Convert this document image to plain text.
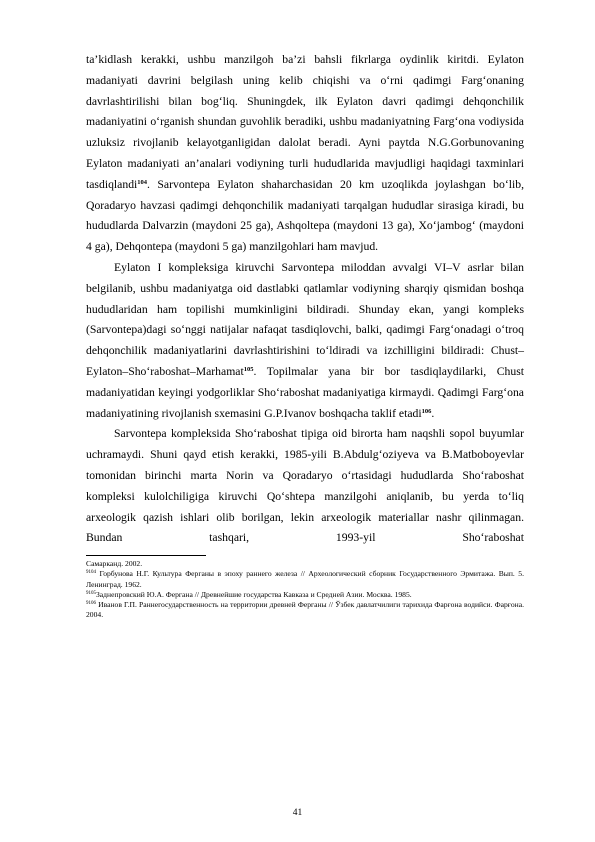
ta’kidlash kerakki, ushbu manzilgoh ba’zi bahsli fikrlarga oydinlik kiritdi. Eylaton madaniyati davrini belgilash uning kelib chiqishi va o‘rni qadimgi Farg‘onaning davrlashtirilishi bilan bog‘liq. Shuningdek, ilk Eylaton davri qadimgi dehqonchilik madaniyatini o‘rganish shundan guvohlik beradiki, ushbu madaniyatning Farg‘ona vodiysida uzluksiz rivojlanib kelayotganligidan dalolat beradi. Ayni paytda N.G.Gorbunovaning Eylaton madaniyati an’analari vodiyning turli hududlarida mavjudligi haqidagi taxminlari tasdiqlandi$^{104}$. Sarvontepa Eylaton shaharchasidan 20 km uzoqlikda joylashgan bo‘lib, Qoradaryo havzasi qadimgi dehqonchilik madaniyati tarqalgan hududlar sirasiga kiradi, bu hududlarda Dalvarzin (maydoni 25 ga), Ashqoltepa (maydoni 13 ga), Xo‘jambog‘ (maydoni 4 ga), Dehqontepa (maydoni 5 ga) manzilgohlari ham mavjud.

Eylaton I kompleksiga kiruvchi Sarvontepa miloddan avvalgi VI–V asrlar bilan belgilanib, ushbu madaniyatga oid dastlabki qatlamlar vodiyning sharqiy qismidan boshqa hududlaridan ham topilishi mumkinligini bildiradi. Shunday ekan, yangi kompleks (Sarvontepa)dagi so‘nggi natijalar nafaqat tasdiqlovchi, balki, qadimgi Farg‘onadagi o‘troq dehqonchilik madaniyatlarini davrlashtirishini to‘ldiradi va izchilligini bildiradi: Chust–Eylaton–Sho‘raboshat–Marhamat$^{105}$. Topilmalar yana bir bor tasdiqlaydilarki, Chust madaniyatidan keyingi yodgorliklar Sho‘raboshat madaniyatiga kirmaydi. Qadimgi Farg‘ona madaniyatining rivojlanish sxemasini G.P.Ivanov boshqacha taklif etadi$^{106}$.

Sarvontepa kompleksida Sho‘raboshat tipiga oid birorta ham naqshli sopol buyumlar uchramaydi. Shuni qayd etish kerakki, 1985-yili B.Abdulg‘oziyeva va B.Matboboyevlar tomonidan birinchi marta Norin va Qoradaryo o‘rtasidagi hududlarda Sho‘raboshat kompleksi kulolchiligiga kiruvchi Qo‘shtepa manzilgohi aniqlanib, bu yerda to‘liq arxeologik qazish ishlari olib borilgan, lekin arxeologik materiallar nashr qilinmagan. Bundan tashqari, 1993-yil Sho‘raboshat

Самарканд. 2002.

$^{9104}$ Горбунова Н.Г. Культура Ферганы в эпоху раннего железа // Археологический сборник Государственного Эрмитажа. Вып. 5. Ленинград. 1962.

$^{9105}$Заднепровский Ю.А. Фергана // Древнейшие государства Кавказа и Средней Азии. Москва. 1985.

$^{9106}$ Иванов Г.П. Раннегосударственность на территории древней Ферганы // Ўзбек давлатчилиги тарихида Фарғона водийси. Фарғона. 2004.

41
